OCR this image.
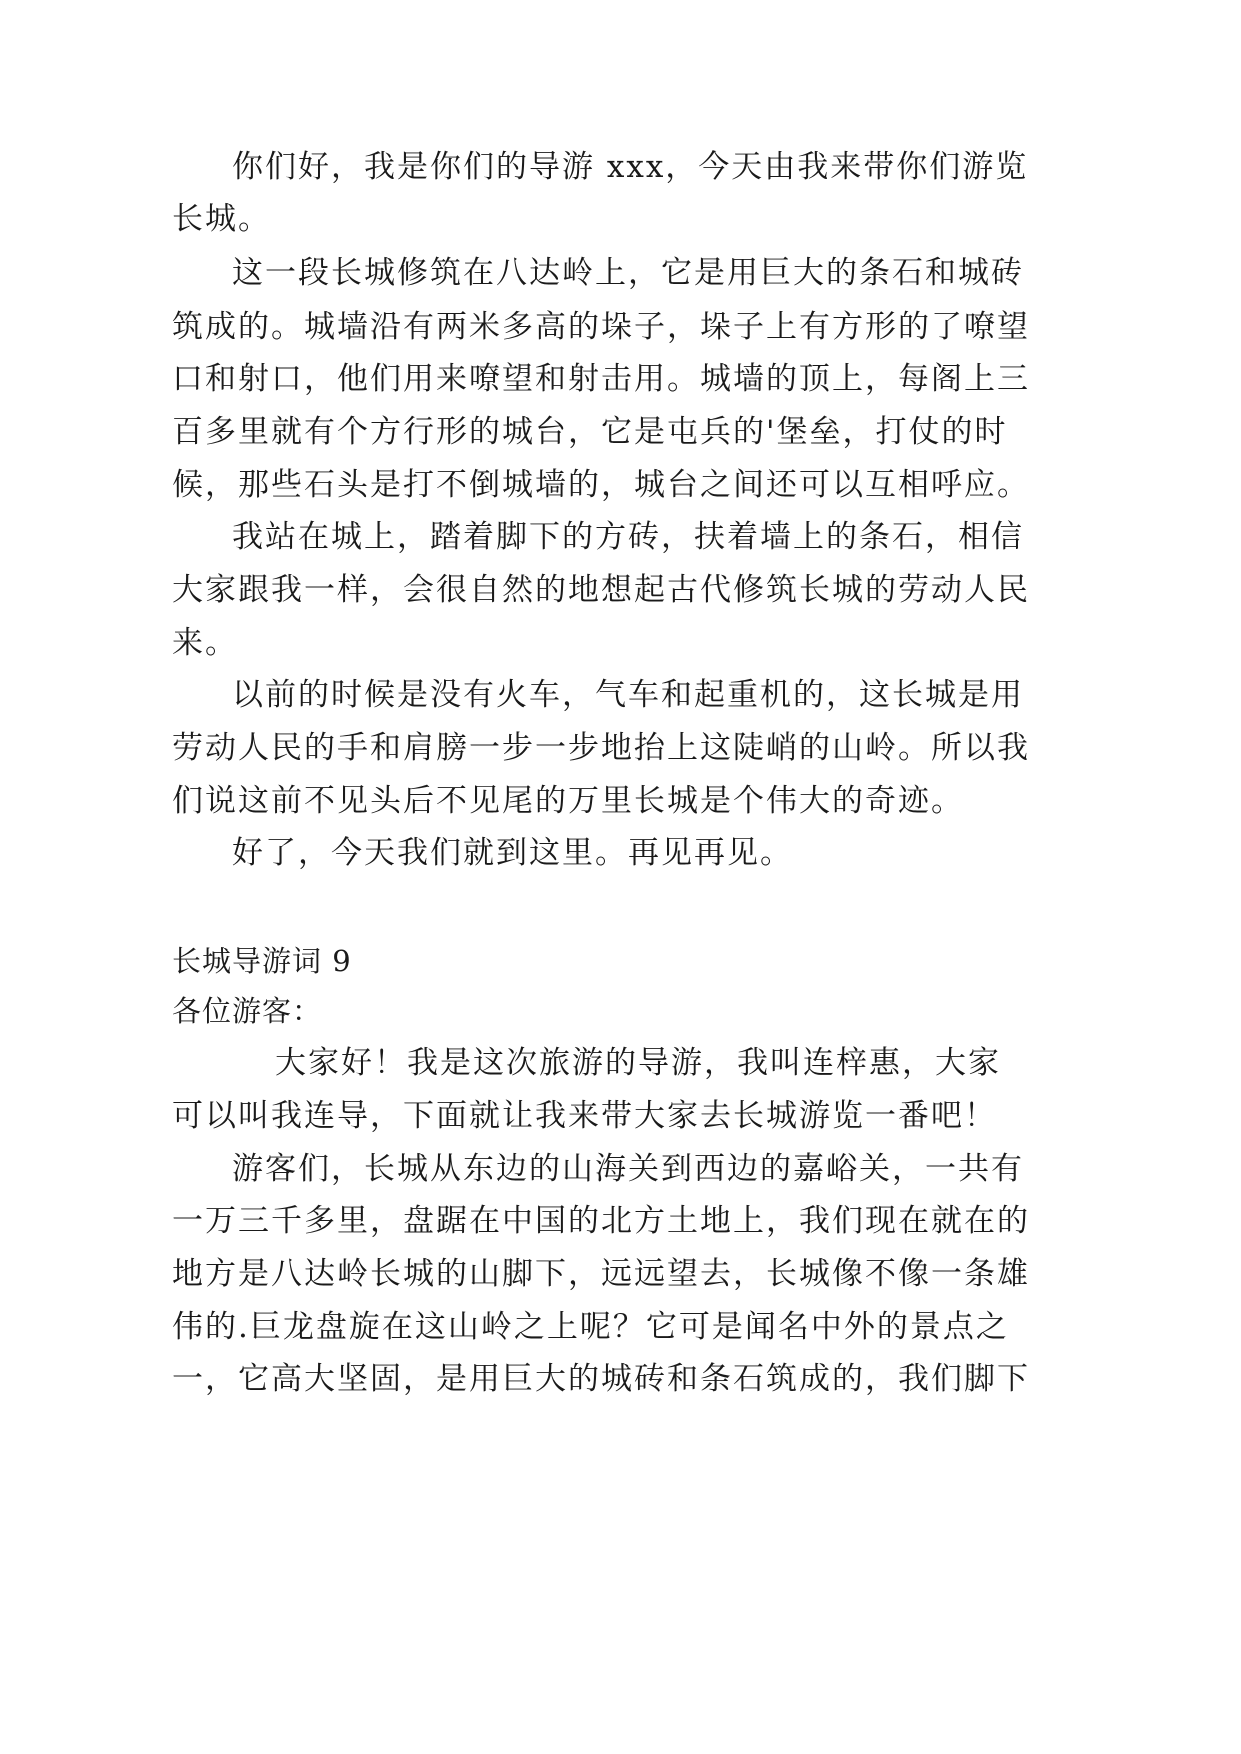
你们好，我是你们的导游 xxx，今天由我来带你们游览

长城。

这一段长城修筑在八达岭上，它是用巨大的条石和城砖

筑成的。城墙沿有两米多高的垛子，垛子上有方形的了嘹望

口和射口，他们用来嘹望和射击用。城墙的顶上，每阁上三

百多里就有个方行形的城台，它是屯兵的'堡垒，打仗的时

候，那些石头是打不倒城墙的，城台之间还可以互相呼应。

我站在城上，踏着脚下的方砖，扶着墙上的条石，相信

大家跟我一样，会很自然的地想起古代修筑长城的劳动人民

来。

以前的时候是没有火车，气车和起重机的，这长城是用

劳动人民的手和肩膀一步一步地抬上这陡峭的山岭。所以我

们说这前不见头后不见尾的万里长城是个伟大的奇迹。

好了，今天我们就到这里。再见再见。

长城导游词 9

各位游客：

大家好！我是这次旅游的导游，我叫连梓惠，大家

可以叫我连导，下面就让我来带大家去长城游览一番吧！

游客们，长城从东边的山海关到西边的嘉峪关，一共有

一万三千多里，盘踞在中国的北方土地上，我们现在就在的

地方是八达岭长城的山脚下，远远望去，长城像不像一条雄

伟的.巨龙盘旋在这山岭之上呢？它可是闻名中外的景点之

一，它高大坚固，是用巨大的城砖和条石筑成的，我们脚下
